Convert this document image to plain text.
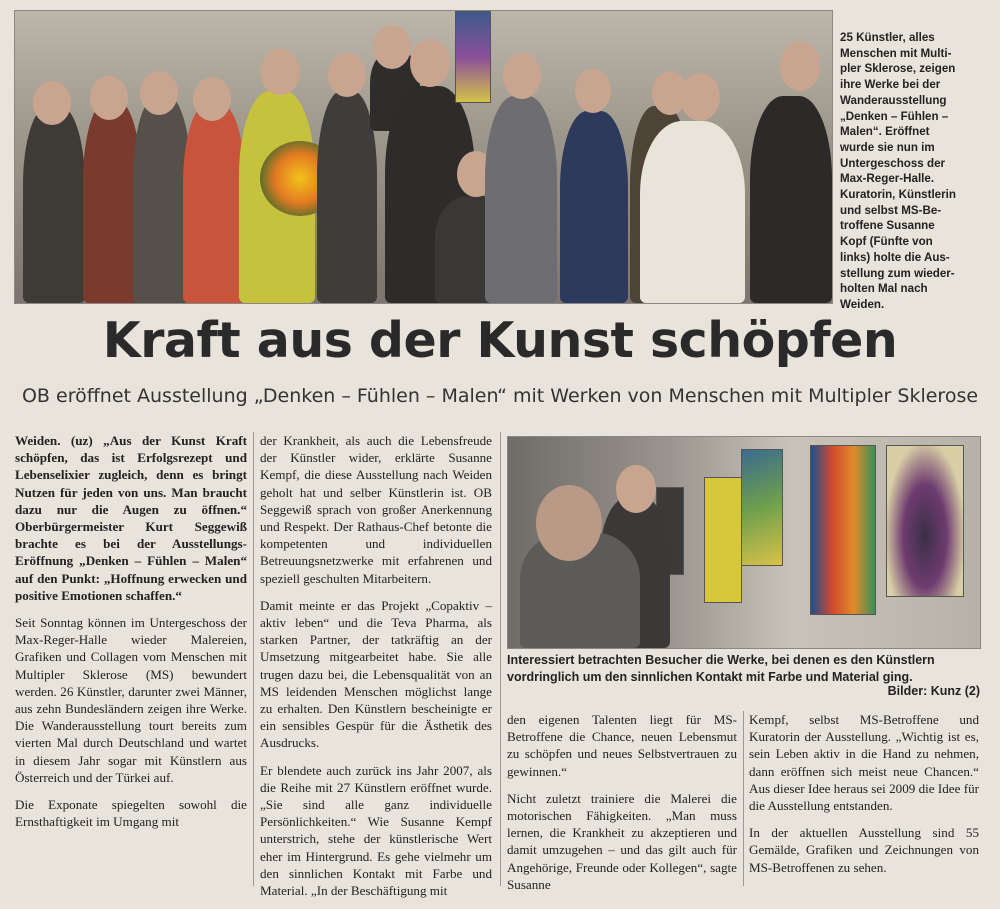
25 Künstler, alles
Menschen mit Multi-
pler Sklerose, zeigen
ihre Werke bei der
Wanderausstellung
„Denken – Fühlen –
Malen“. Eröffnet
wurde sie nun im
Untergeschoss der
Max-Reger-Halle.
Kuratorin, Künstlerin
und selbst MS-Be-
troffene Susanne
Kopf (Fünfte von
links) holte die Aus-
stellung zum wieder-
holten Mal nach
Weiden.
Kraft aus der Kunst schöpfen
OB eröffnet Ausstellung „Denken – Fühlen – Malen“ mit Werken von Menschen mit Multipler Sklerose

Weiden. (uz) „Aus der Kunst Kraft schöpfen, das ist Erfolgsrezept und Lebenselixier zugleich, denn es bringt Nutzen für jeden von uns. Man braucht dazu nur die Augen zu öffnen.“ Oberbürgermeister Kurt Seggewiß brachte es bei der Ausstellungs-Eröffnung „Denken – Fühlen – Malen“ auf den Punkt: „Hoffnung erwecken und positive Emotionen schaffen.“

Seit Sonntag können im Untergeschoss der Max-Reger-Halle wieder Malereien, Grafiken und Collagen vom Menschen mit Multipler Sklerose (MS) bewundert werden. 26 Künstler, darunter zwei Männer, aus zehn Bundesländern zeigen ihre Werke. Die Wanderausstellung tourt bereits zum vierten Mal durch Deutschland und wartet in diesem Jahr sogar mit Künstlern aus Österreich und der Türkei auf.

Die Exponate spiegelten sowohl die Ernsthaftigkeit im Umgang mit

der Krankheit, als auch die Lebensfreude der Künstler wider, erklärte Susanne Kempf, die diese Ausstellung nach Weiden geholt hat und selber Künstlerin ist. OB Seggewiß sprach von großer Anerkennung und Respekt. Der Rathaus-Chef betonte die kompetenten und individuellen Betreuungsnetzwerke mit erfahrenen und speziell geschulten Mitarbeitern.

Damit meinte er das Projekt „Copaktiv – aktiv leben“ und die Teva Pharma, als starken Partner, der tatkräftig an der Umsetzung mitgearbeitet habe. Sie alle trugen dazu bei, die Lebensqualität von an MS leidenden Menschen möglichst lange zu erhalten. Den Künstlern bescheinigte er ein sensibles Gespür für die Ästhetik des Ausdrucks.

Er blendete auch zurück ins Jahr 2007, als die Reihe mit 27 Künstlern eröffnet wurde. „Sie sind alle ganz individuelle Persönlichkeiten.“ Wie Susanne Kempf unterstrich, stehe der künstlerische Wert eher im Hintergrund. Es gehe vielmehr um den sinnlichen Kontakt mit Farbe und Material. „In der Beschäftigung mit

Interessiert betrachten Besucher die Werke, bei denen es den Künstlern vordringlich um den sinnlichen Kontakt mit Farbe und Material ging.
Bilder: Kunz (2)

den eigenen Talenten liegt für MS-Betroffene die Chance, neuen Lebensmut zu schöpfen und neues Selbstvertrauen zu gewinnen.“

Nicht zuletzt trainiere die Malerei die motorischen Fähigkeiten. „Man muss lernen, die Krankheit zu akzeptieren und damit umzugehen – und das gilt auch für Angehörige, Freunde oder Kollegen“, sagte Susanne

Kempf, selbst MS-Betroffene und Kuratorin der Ausstellung. „Wichtig ist es, sein Leben aktiv in die Hand zu nehmen, dann eröffnen sich meist neue Chancen.“ Aus dieser Idee heraus sei 2009 die Idee für die Ausstellung entstanden.

In der aktuellen Ausstellung sind 55 Gemälde, Grafiken und Zeichnungen von MS-Betroffenen zu sehen.
